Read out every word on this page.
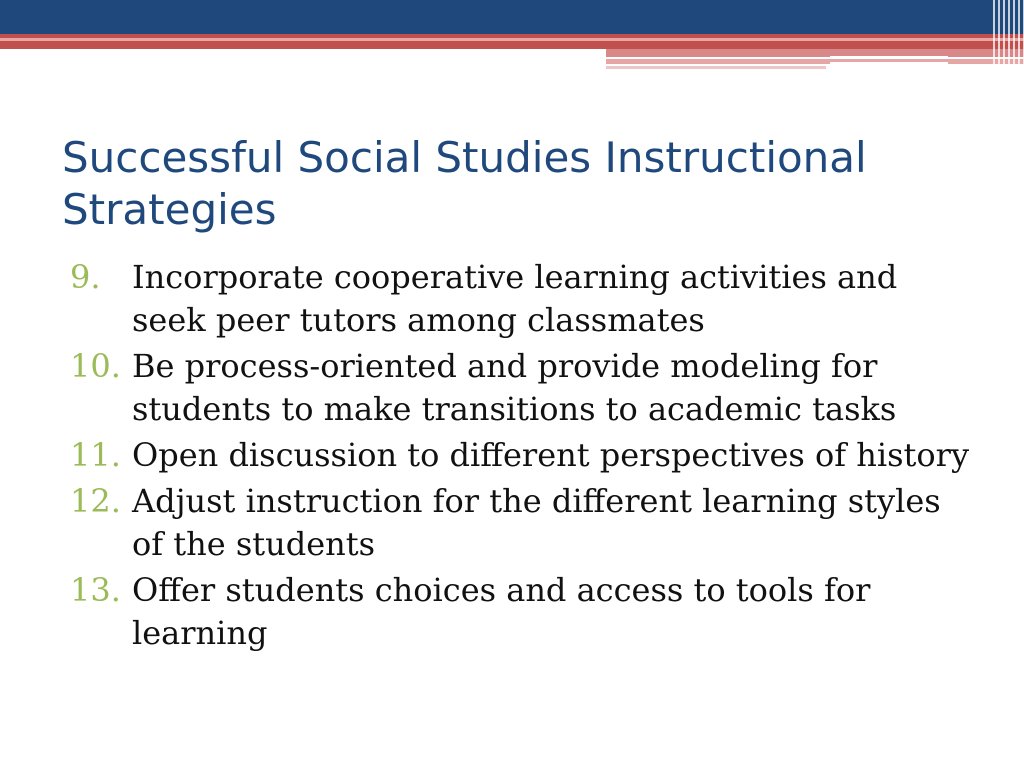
Successful Social Studies Instructional Strategies
9. Incorporate cooperative learning activities and seek peer tutors among classmates
10. Be process-oriented and provide modeling for students to make transitions to academic tasks
11. Open discussion to different perspectives of history
12. Adjust instruction for the different learning styles of the students
13. Offer students choices and access to tools for learning
